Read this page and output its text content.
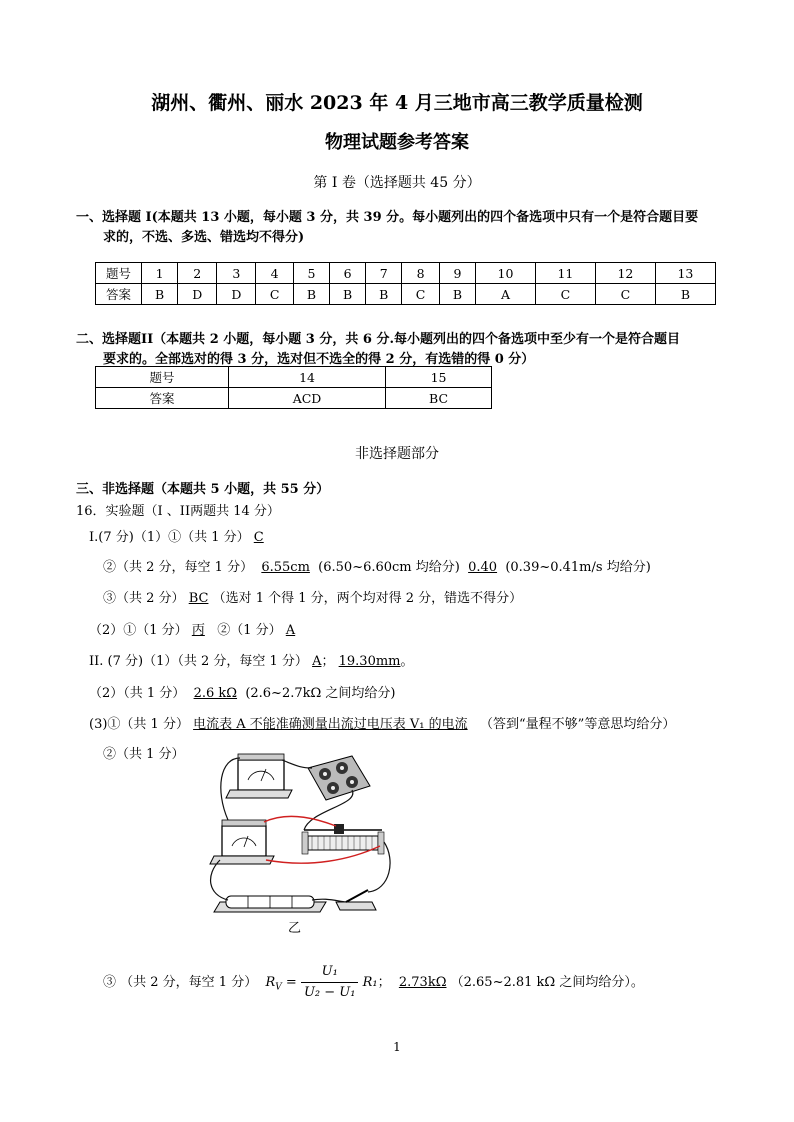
湖州、衢州、丽水 2023 年 4 月三地市高三教学质量检测
物理试题参考答案
第 I 卷（选择题共 45 分）
一、选择题 I(本题共 13 小题，每小题 3 分，共 39 分。每小题列出的四个备选项中只有一个是符合题目要
求的，不选、多选、错选均不得分)
题号	1	2	3	4	5	6	7	8	9	10	11	12	13
答案	B	D	D	C	B	B	B	C	B	A	C	C	B
二、选择题II（本题共 2 小题，每小题 3 分，共 6 分.每小题列出的四个备选项中至少有一个是符合题目
要求的。全部选对的得 3 分，选对但不选全的得 2 分，有选错的得 0 分）
题号	14	15
答案	ACD	BC
非选择题部分
三、非选择题（本题共 5 小题，共 55 分）
16．实验题（I 、II两题共 14 分）
I.(7 分)（1）①（共 1 分） C
②（共 2 分，每空 1 分） 6.55cm (6.50~6.60cm 均给分) 0.40 (0.39~0.41m/s 均给分)
③（共 2 分） BC （选对 1 个得 1 分，两个均对得 2 分，错选不得分）
（2）①（1 分） 丙 ②（1 分） A
II. (7 分)（1）（共 2 分，每空 1 分） A； 19.30mm。
（2）（共 1 分） 2.6 kΩ (2.6~2.7kΩ 之间均给分)
(3)①（共 1 分） 电流表 A 不能准确测量出流过电压表 V₁ 的电流 （答到“量程不够”等意思均给分）
②（共 1 分）
乙
③ （共 2 分，每空 1 分） $R_V = \frac{\text{U₁}}{\text{U₂ − U₁}} R_1$； 2.73kΩ （2.65~2.81 kΩ 之间均给分）。
1
